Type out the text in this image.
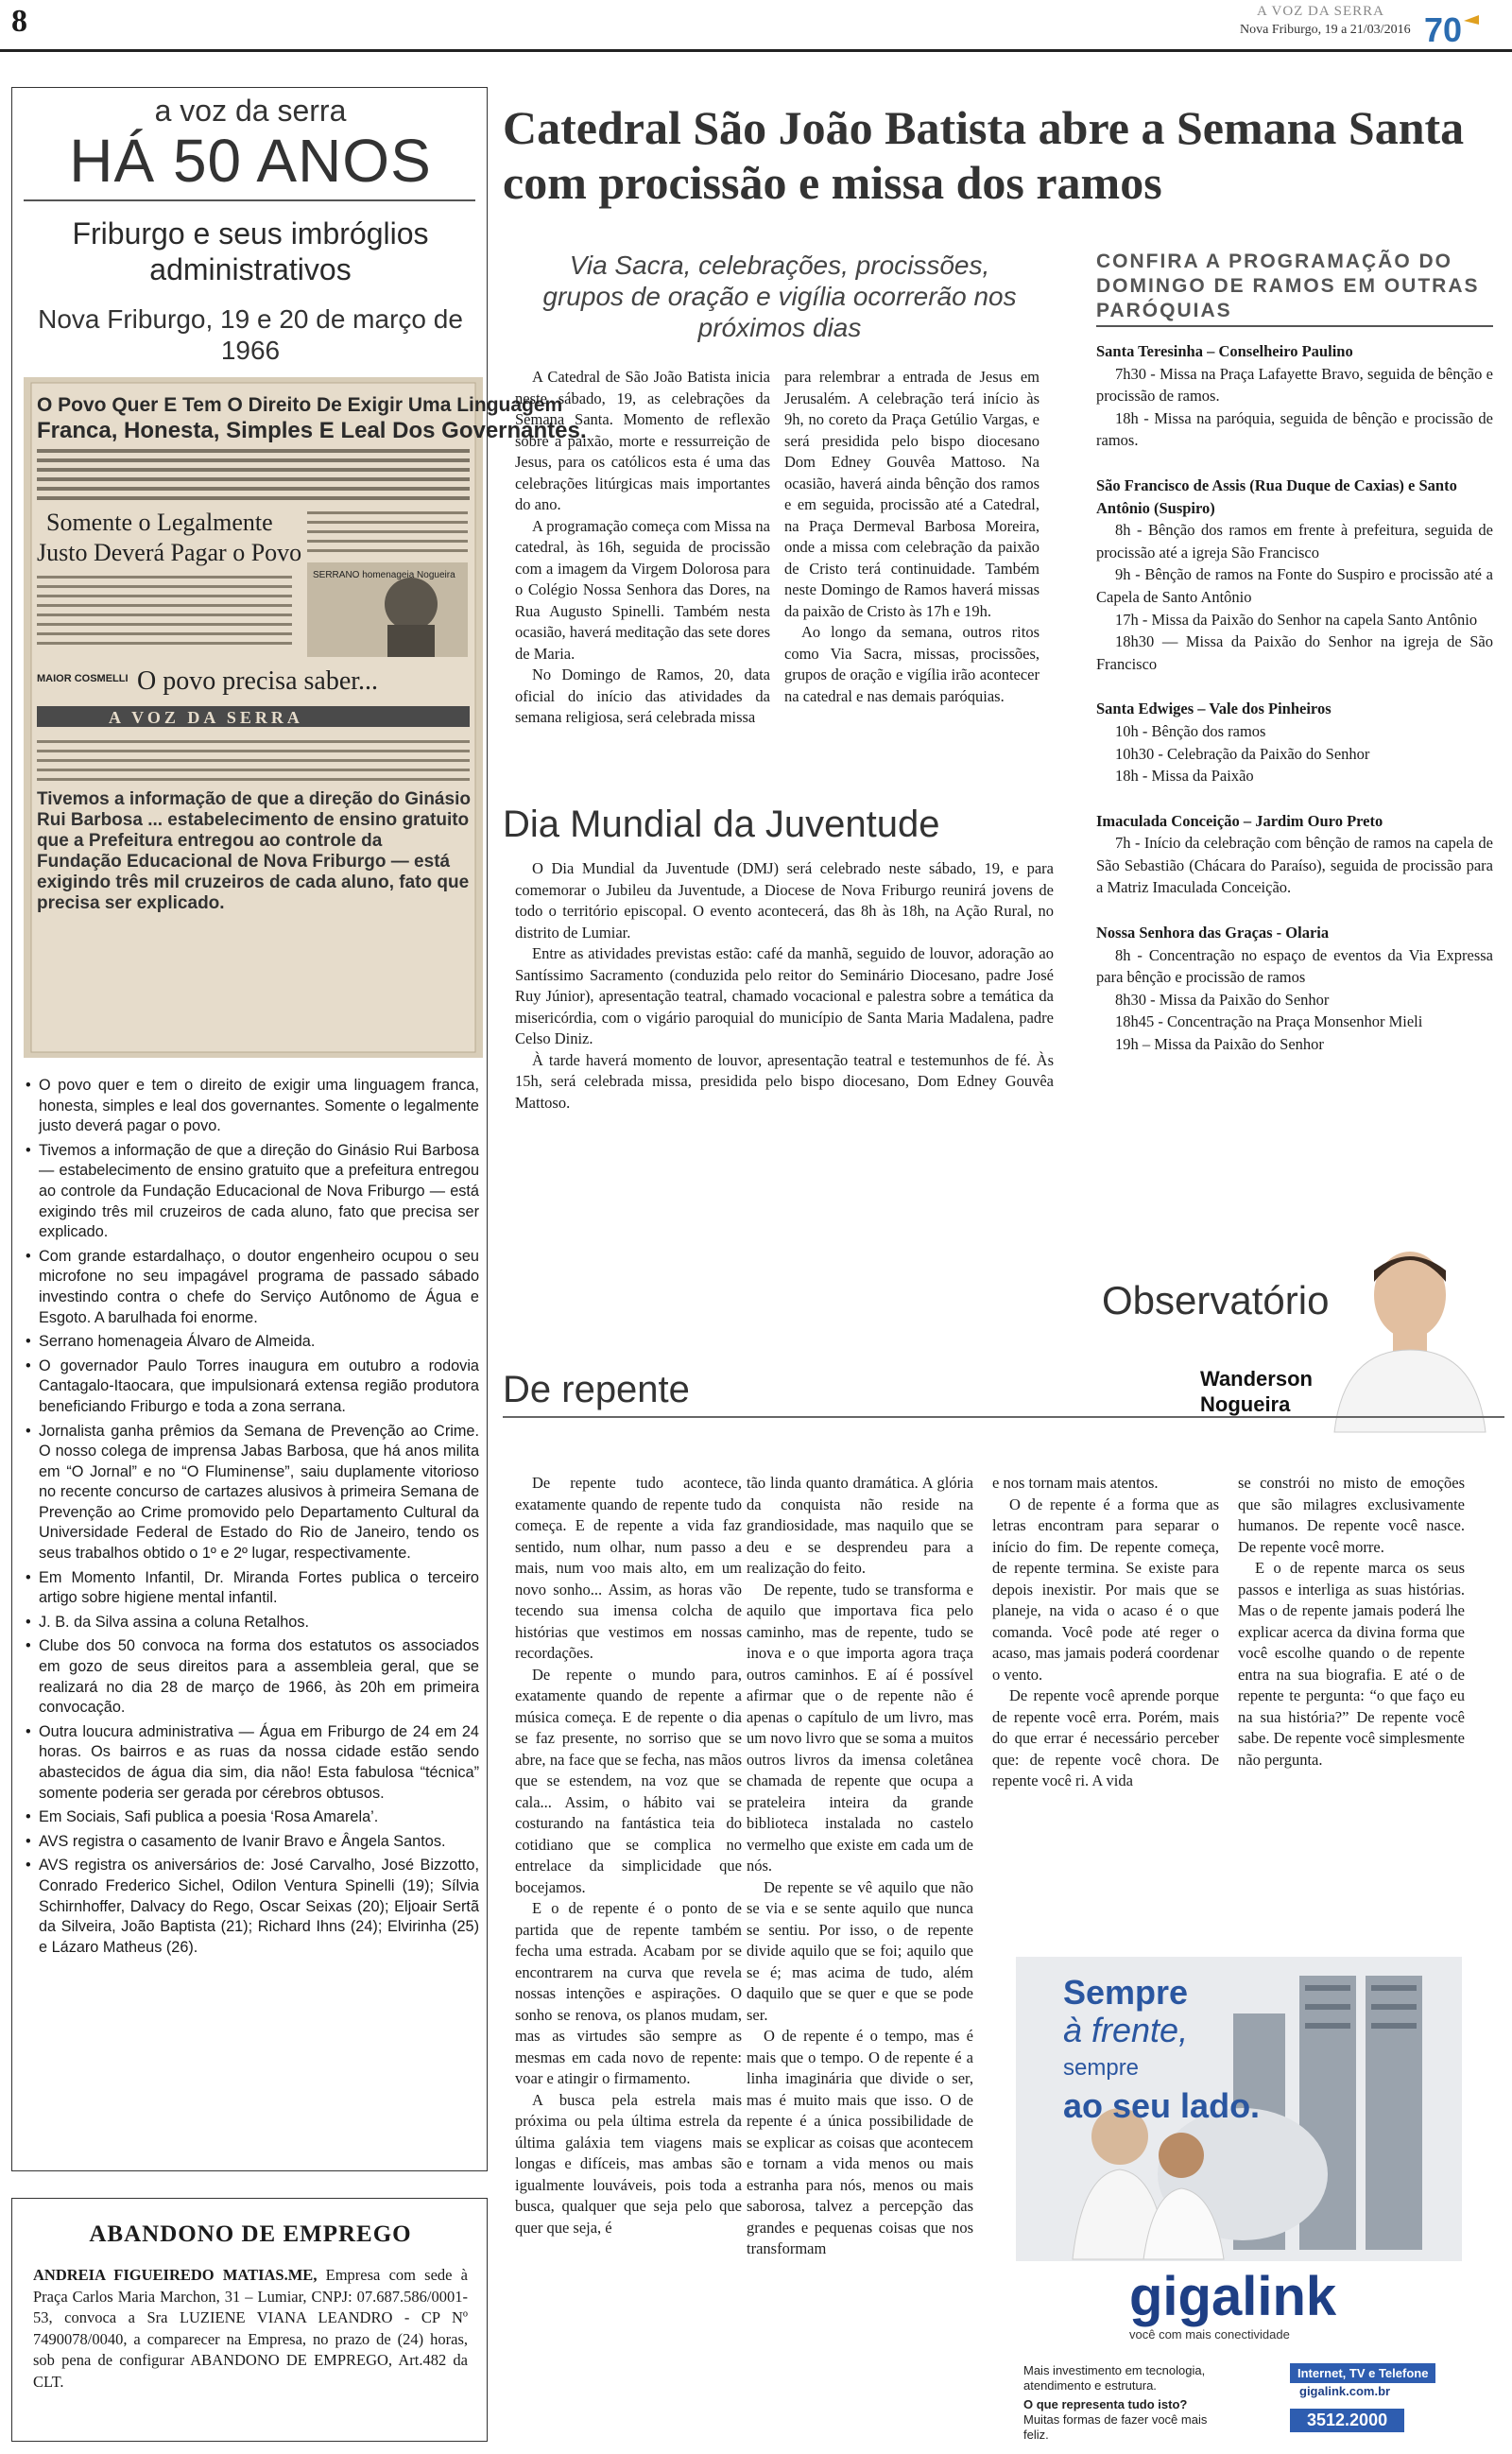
8	A VOZ DA SERRA
Nova Friburgo, 19 a 21/03/2016 70
a voz da serra
HÁ 50 ANOS
Friburgo e seus imbróglios administrativos
Nova Friburgo, 19 e 20 de março de 1966
O Povo Quer E Tem O Direito De Exigir Uma Linguagem
Franca, Honesta, Simples E Leal Dos Governantes.
Somente o Legalmente
Justo Deverá Pagar o Povo
SERRANO homenageia Nogueira
MAIOR COSMELLI O povo precisa saber...
A VOZ DA SERRA
Tivemos a informação de que a direção do Ginásio Rui Barbosa ... estabelecimento de ensino gratuito que a Prefeitura entregou ao controle da Fundação Educacional de Nova Friburgo — está exigindo três mil cruzeiros de cada aluno, fato que precisa ser explicado.
• O povo quer e tem o direito de exigir uma linguagem franca, honesta, simples e leal dos governantes. Somente o legalmente justo deverá pagar o povo.
• Tivemos a informação de que a direção do Ginásio Rui Barbosa — estabelecimento de ensino gratuito que a prefeitura entregou ao controle da Fundação Educacional de Nova Friburgo — está exigindo três mil cruzeiros de cada aluno, fato que precisa ser explicado.
• Com grande estardalhaço, o doutor engenheiro ocupou o seu microfone no seu impagável programa de passado sábado investindo contra o chefe do Serviço Autônomo de Água e Esgoto. A barulhada foi enorme.
• Serrano homenageia Álvaro de Almeida.
• O governador Paulo Torres inaugura em outubro a rodovia Cantagalo-Itaocara, que impulsionará extensa região produtora beneficiando Friburgo e toda a zona serrana.
• Jornalista ganha prêmios da Semana de Prevenção ao Crime. O nosso colega de imprensa Jabas Barbosa, que há anos milita em “O Jornal” e no “O Fluminense”, saiu duplamente vitorioso no recente concurso de cartazes alusivos à primeira Semana de Prevenção ao Crime promovido pelo Departamento Cultural da Universidade Federal de Estado do Rio de Janeiro, tendo os seus trabalhos obtido o 1º e 2º lugar, respectivamente.
• Em Momento Infantil, Dr. Miranda Fortes publica o terceiro artigo sobre higiene mental infantil.
• J. B. da Silva assina a coluna Retalhos.
• Clube dos 50 convoca na forma dos estatutos os associados em gozo de seus direitos para a assembleia geral, que se realizará no dia 28 de março de 1966, às 20h em primeira convocação.
• Outra loucura administrativa — Água em Friburgo de 24 em 24 horas. Os bairros e as ruas da nossa cidade estão sendo abastecidos de água dia sim, dia não! Esta fabulosa “técnica” somente poderia ser gerada por cérebros obtusos.
• Em Sociais, Safi publica a poesia ‘Rosa Amarela’.
• AVS registra o casamento de Ivanir Bravo e Ângela Santos.
• AVS registra os aniversários de: José Carvalho, José Bizzotto, Conrado Frederico Sichel, Odilon Ventura Spinelli (19); Sílvia Schirnhoffer, Dalvacy do Rego, Oscar Seixas (20); Eljoair Sertã da Silveira, João Baptista (21); Richard Ihns (24); Elvirinha (25) e Lázaro Matheus (26).
ABANDONO DE EMPREGO
ANDREIA FIGUEIREDO MATIAS.ME, Empresa com sede à Praça Carlos Maria Marchon, 31 – Lumiar, CNPJ: 07.687.586/0001-53, convoca a Sra LUZIENE VIANA LEANDRO - CP Nº 7490078/0040, a comparecer na Empresa, no prazo de (24) horas, sob pena de configurar ABANDONO DE EMPREGO, Art.482 da CLT.
Catedral São João Batista abre a Semana Santa com procissão e missa dos ramos
Via Sacra, celebrações, procissões, grupos de oração e vigília ocorrerão nos próximos dias

A Catedral de São João Batista inicia neste sábado, 19, as celebrações da Semana Santa. Momento de reflexão sobre a paixão, morte e ressurreição de Jesus, para os católicos esta é uma das celebrações litúrgicas mais importantes do ano.

A programação começa com Missa na catedral, às 16h, seguida de procissão com a imagem da Virgem Dolorosa para o Colégio Nossa Senhora das Dores, na Rua Augusto Spinelli. Também nesta ocasião, haverá meditação das sete dores de Maria.

No Domingo de Ramos, 20, data oficial do início das atividades da semana religiosa, será celebrada missa

para relembrar a entrada de Jesus em Jerusalém. A celebração terá início às 9h, no coreto da Praça Getúlio Vargas, e será presidida pelo bispo diocesano Dom Edney Gouvêa Mattoso. Na ocasião, haverá ainda bênção dos ramos e em seguida, procissão até a Catedral, na Praça Dermeval Barbosa Moreira, onde a missa com celebração da paixão de Cristo terá continuidade. Também neste Domingo de Ramos haverá missas da paixão de Cristo às 17h e 19h.

Ao longo da semana, outros ritos como Via Sacra, missas, procissões, grupos de oração e vigília irão acontecer na catedral e nas demais paróquias.

CONFIRA A PROGRAMAÇÃO DO DOMINGO DE RAMOS EM OUTRAS PARÓQUIAS
Santa Teresinha – Conselheiro Paulino
7h30 - Missa na Praça Lafayette Bravo, seguida de bênção e procissão de ramos.
18h - Missa na paróquia, seguida de bênção e procissão de ramos.
São Francisco de Assis (Rua Duque de Caxias) e Santo Antônio (Suspiro)
8h - Bênção dos ramos em frente à prefeitura, seguida de procissão até a igreja São Francisco
9h - Bênção de ramos na Fonte do Suspiro e procissão até a Capela de Santo Antônio
17h - Missa da Paixão do Senhor na capela Santo Antônio
18h30 — Missa da Paixão do Senhor na igreja de São Francisco
Santa Edwiges – Vale dos Pinheiros
10h - Bênção dos ramos
10h30 - Celebração da Paixão do Senhor
18h - Missa da Paixão
Imaculada Conceição – Jardim Ouro Preto
7h - Início da celebração com bênção de ramos na capela de São Sebastião (Chácara do Paraíso), seguida de procissão para a Matriz Imaculada Conceição.
Nossa Senhora das Graças - Olaria
8h - Concentração no espaço de eventos da Via Expressa para bênção e procissão de ramos
8h30 - Missa da Paixão do Senhor
18h45 - Concentração na Praça Monsenhor Mieli
19h – Missa da Paixão do Senhor
Dia Mundial da Juventude

O Dia Mundial da Juventude (DMJ) será celebrado neste sábado, 19, e para comemorar o Jubileu da Juventude, a Diocese de Nova Friburgo reunirá jovens de todo o território episcopal. O evento acontecerá, das 8h às 18h, na Ação Rural, no distrito de Lumiar.

Entre as atividades previstas estão: café da manhã, seguido de louvor, adoração ao Santíssimo Sacramento (conduzida pelo reitor do Seminário Diocesano, padre José Ruy Júnior), apresentação teatral, chamado vocacional e palestra sobre a temática da misericórdia, com o vigário paroquial do município de Santa Maria Madalena, padre Celso Diniz.

À tarde haverá momento de louvor, apresentação teatral e testemunhos de fé. Às 15h, será celebrada missa, presidida pelo bispo diocesano, Dom Edney Gouvêa Mattoso.

Observatório
Wanderson
Nogueira
De repente

De repente tudo acontece, exatamente quando de repente tudo começa. E de repente a vida faz sentido, num olhar, num passo a mais, num voo mais alto, em um novo sonho... Assim, as horas vão tecendo sua imensa colcha de histórias que vestimos em nossas recordações.

De repente o mundo para, exatamente quando de repente a música começa. E de repente o dia se faz presente, no sorriso que se abre, na face que se fecha, nas mãos que se estendem, na voz que se cala... Assim, o hábito vai se costurando na fantástica teia do cotidiano que se complica no entrelace da simplicidade que bocejamos.

E o de repente é o ponto de partida que de repente também fecha uma estrada. Acabam por se encontrarem na curva que revela nossas intenções e aspirações. O sonho se renova, os planos mudam, mas as virtudes são sempre as mesmas em cada novo de repente: voar e atingir o firmamento.

A busca pela estrela mais próxima ou pela última estrela da última galáxia tem viagens mais longas e difíceis, mas ambas são igualmente louváveis, pois toda a busca, qualquer que seja pelo que quer que seja, é

tão linda quanto dramática. A glória da conquista não reside na grandiosidade, mas naquilo que se deu e se desprendeu para a realização do feito.

De repente, tudo se transforma e aquilo que importava fica pelo caminho, mas de repente, tudo se inova e o que importa agora traça outros caminhos. E aí é possível afirmar que o de repente não é apenas o capítulo de um livro, mas um novo livro que se soma a muitos outros livros da imensa coletânea chamada de repente que ocupa a prateleira inteira da grande biblioteca instalada no castelo vermelho que existe em cada um de nós.

De repente se vê aquilo que não se via e se sente aquilo que nunca se sentiu. Por isso, o de repente divide aquilo que se foi; aquilo que se é; mas acima de tudo, além daquilo que se quer e que se pode ser.

O de repente é o tempo, mas é mais que o tempo. O de repente é a linha imaginária que divide o ser, mas é muito mais que isso. O de repente é a única possibilidade de se explicar as coisas que acontecem e tornam a vida menos ou mais estranha para nós, menos ou mais saborosa, talvez a percepção das grandes e pequenas coisas que nos transformam

e nos tornam mais atentos.

O de repente é a forma que as letras encontram para separar o início do fim. De repente começa, de repente termina. Se existe para depois inexistir. Por mais que se planeje, na vida o acaso é o que comanda. Você pode até reger o acaso, mas jamais poderá coordenar o vento.

De repente você aprende porque de repente você erra. Porém, mais do que errar é necessário perceber que: de repente você chora. De repente você ri. A vida

se constrói no misto de emoções que são milagres exclusivamente humanos. De repente você nasce. De repente você morre.

E o de repente marca os seus passos e interliga as suas histórias. Mas o de repente jamais poderá lhe explicar acerca da divina forma que você escolhe quando o de repente entra na sua biografia. E até o de repente te pergunta: “o que faço eu na sua história?” De repente você sabe. De repente você simplesmente não pergunta.

Sempre
à frente,
sempre
ao seu lado.
gigalink
você com mais conectividade
Mais investimento em tecnologia, atendimento e estrutura.
O que representa tudo isto?
Muitas formas de fazer você mais feliz.
Internet, TV e Telefone
gigalink.com.br
3512.2000
